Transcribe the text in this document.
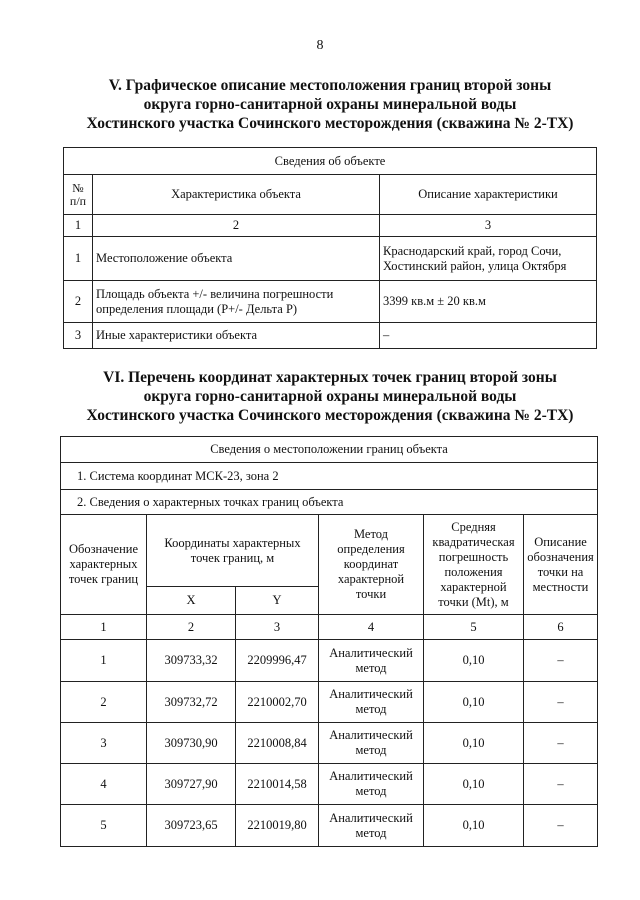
8
V. Графическое описание местоположения границ второй зоны
округа горно-санитарной охраны минеральной воды
Хостинского участка Сочинского месторождения (скважина № 2-ТХ)
Сведения об объекте		
№ п/п	Характеристика объекта	Описание характеристики
1	2	3
1	Местоположение объекта	Краснодарский край, город Сочи, Хостинский район, улица Октября
2	Площадь объекта +/- величина погрешности определения площади (Р+/- Дельта Р)	3399 кв.м ± 20 кв.м
3	Иные характеристики объекта	–
VI. Перечень координат характерных точек границ второй зоны
округа горно-санитарной охраны минеральной воды
Хостинского участка Сочинского месторождения (скважина № 2-ТХ)
Сведения о местоположении границ объекта					
1. Система координат МСК-23, зона 2					
2. Сведения о характерных точках границ объекта					
Обозначение характерных точек границ	Координаты характерных точек границ, м		Метод определения координат характерной точки	Средняя квадратическая погрешность положения характерной точки (Mt), м	Описание обозначения точки на местности
	X	Y			
1	2	3	4	5	6
1	309733,32	2209996,47	Аналитический метод	0,10	–
2	309732,72	2210002,70	Аналитический метод	0,10	–
3	309730,90	2210008,84	Аналитический метод	0,10	–
4	309727,90	2210014,58	Аналитический метод	0,10	–
5	309723,65	2210019,80	Аналитический метод	0,10	–
